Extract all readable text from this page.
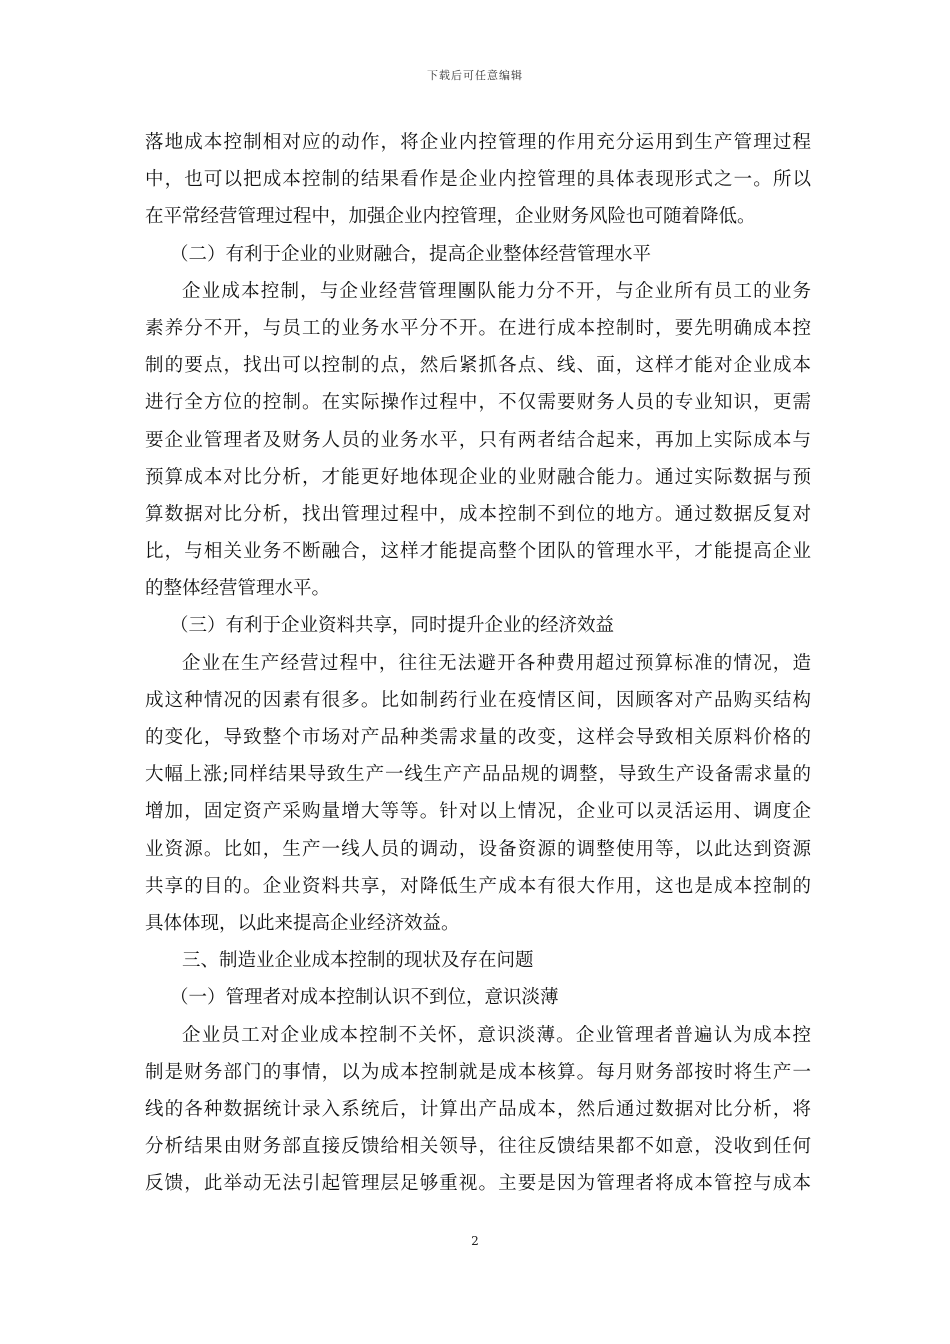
下载后可任意编辑
落地成本控制相对应的动作，将企业内控管理的作用充分运用到生产管理过程
中，也可以把成本控制的结果看作是企业内控管理的具体表现形式之一。所以
在平常经营管理过程中，加强企业内控管理，企业财务风险也可随着降低。
（二）有利于企业的业财融合，提高企业整体经营管理水平
企业成本控制，与企业经营管理團队能力分不开，与企业所有员工的业务
素养分不开，与员工的业务水平分不开。在进行成本控制时，要先明确成本控
制的要点，找出可以控制的点，然后紧抓各点、线、面，这样才能对企业成本
进行全方位的控制。在实际操作过程中，不仅需要财务人员的专业知识，更需
要企业管理者及财务人员的业务水平，只有两者结合起来，再加上实际成本与
预算成本对比分析，才能更好地体现企业的业财融合能力。通过实际数据与预
算数据对比分析，找出管理过程中，成本控制不到位的地方。通过数据反复对
比，与相关业务不断融合，这样才能提高整个团队的管理水平，才能提高企业
的整体经营管理水平。
（三）有利于企业资料共享，同时提升企业的经济效益
企业在生产经营过程中，往往无法避开各种费用超过预算标准的情况，造
成这种情况的因素有很多。比如制药行业在疫情区间，因顾客对产品购买结构
的变化，导致整个市场对产品种类需求量的改变，这样会导致相关原料价格的
大幅上涨;同样结果导致生产一线生产产品品规的调整，导致生产设备需求量的
增加，固定资产采购量增大等等。针对以上情况，企业可以灵活运用、调度企
业资源。比如，生产一线人员的调动，设备资源的调整使用等，以此达到资源
共享的目的。企业资料共享，对降低生产成本有很大作用，这也是成本控制的
具体体现，以此来提高企业经济效益。
三、制造业企业成本控制的现状及存在问题
（一）管理者对成本控制认识不到位，意识淡薄
企业员工对企业成本控制不关怀，意识淡薄。企业管理者普遍认为成本控
制是财务部门的事情，以为成本控制就是成本核算。每月财务部按时将生产一
线的各种数据统计录入系统后，计算出产品成本，然后通过数据对比分析，将
分析结果由财务部直接反馈给相关领导，往往反馈结果都不如意，没收到任何
反馈，此举动无法引起管理层足够重视。主要是因为管理者将成本管控与成本
2
